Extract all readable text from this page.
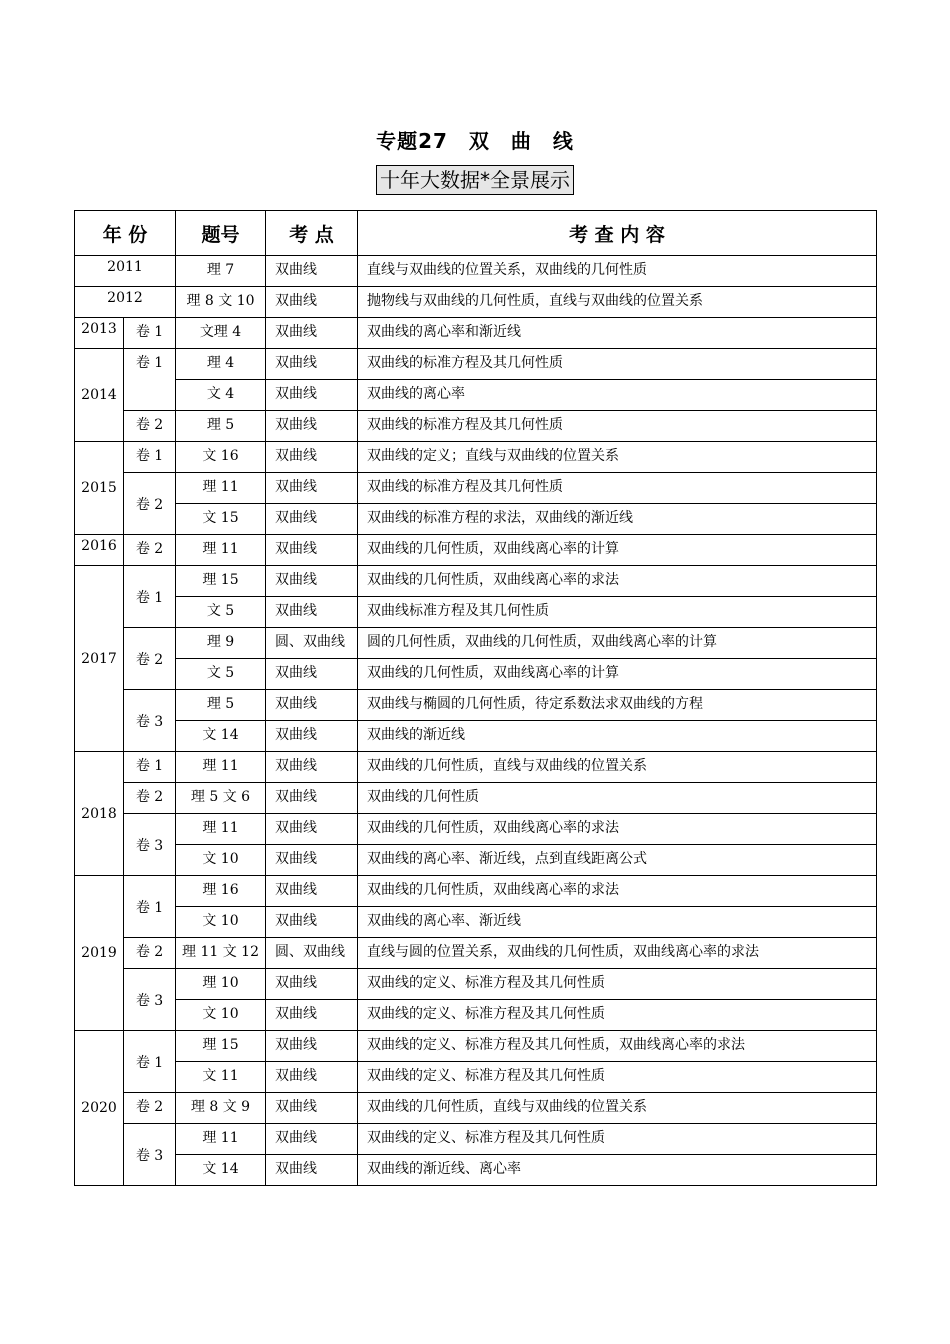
专题27　双　曲　线
十年大数据*全景展示
年 份		题号	考 点	考 查 内 容
2011		理 7	双曲线	直线与双曲线的位置关系，双曲线的几何性质
2012		理 8 文 10	双曲线	抛物线与双曲线的几何性质，直线与双曲线的位置关系
2013	卷 1	文理 4	双曲线	双曲线的离心率和渐近线
2014	卷 1	理 4	双曲线	双曲线的标准方程及其几何性质
		文 4	双曲线	双曲线的离心率
	卷 2	理 5	双曲线	双曲线的标准方程及其几何性质
2015	卷 1	文 16	双曲线	双曲线的定义；直线与双曲线的位置关系
	卷 2	理 11	双曲线	双曲线的标准方程及其几何性质
		文 15	双曲线	双曲线的标准方程的求法，双曲线的渐近线
2016	卷 2	理 11	双曲线	双曲线的几何性质，双曲线离心率的计算
2017	卷 1	理 15	双曲线	双曲线的几何性质，双曲线离心率的求法
		文 5	双曲线	双曲线标准方程及其几何性质
	卷 2	理 9	圆、双曲线	圆的几何性质，双曲线的几何性质，双曲线离心率的计算
		文 5	双曲线	双曲线的几何性质，双曲线离心率的计算
	卷 3	理 5	双曲线	双曲线与椭圆的几何性质，待定系数法求双曲线的方程
		文 14	双曲线	双曲线的渐近线
2018	卷 1	理 11	双曲线	双曲线的几何性质，直线与双曲线的位置关系
	卷 2	理 5 文 6	双曲线	双曲线的几何性质
	卷 3	理 11	双曲线	双曲线的几何性质，双曲线离心率的求法
		文 10	双曲线	双曲线的离心率、渐近线，点到直线距离公式
2019	卷 1	理 16	双曲线	双曲线的几何性质，双曲线离心率的求法
		文 10	双曲线	双曲线的离心率、渐近线
	卷 2	理 11 文 12	圆、双曲线	直线与圆的位置关系，双曲线的几何性质，双曲线离心率的求法
	卷 3	理 10	双曲线	双曲线的定义、标准方程及其几何性质
		文 10	双曲线	双曲线的定义、标准方程及其几何性质
2020	卷 1	理 15	双曲线	双曲线的定义、标准方程及其几何性质，双曲线离心率的求法
		文 11	双曲线	双曲线的定义、标准方程及其几何性质
	卷 2	理 8 文 9	双曲线	双曲线的几何性质，直线与双曲线的位置关系
	卷 3	理 11	双曲线	双曲线的定义、标准方程及其几何性质
		文 14	双曲线	双曲线的渐近线、离心率
